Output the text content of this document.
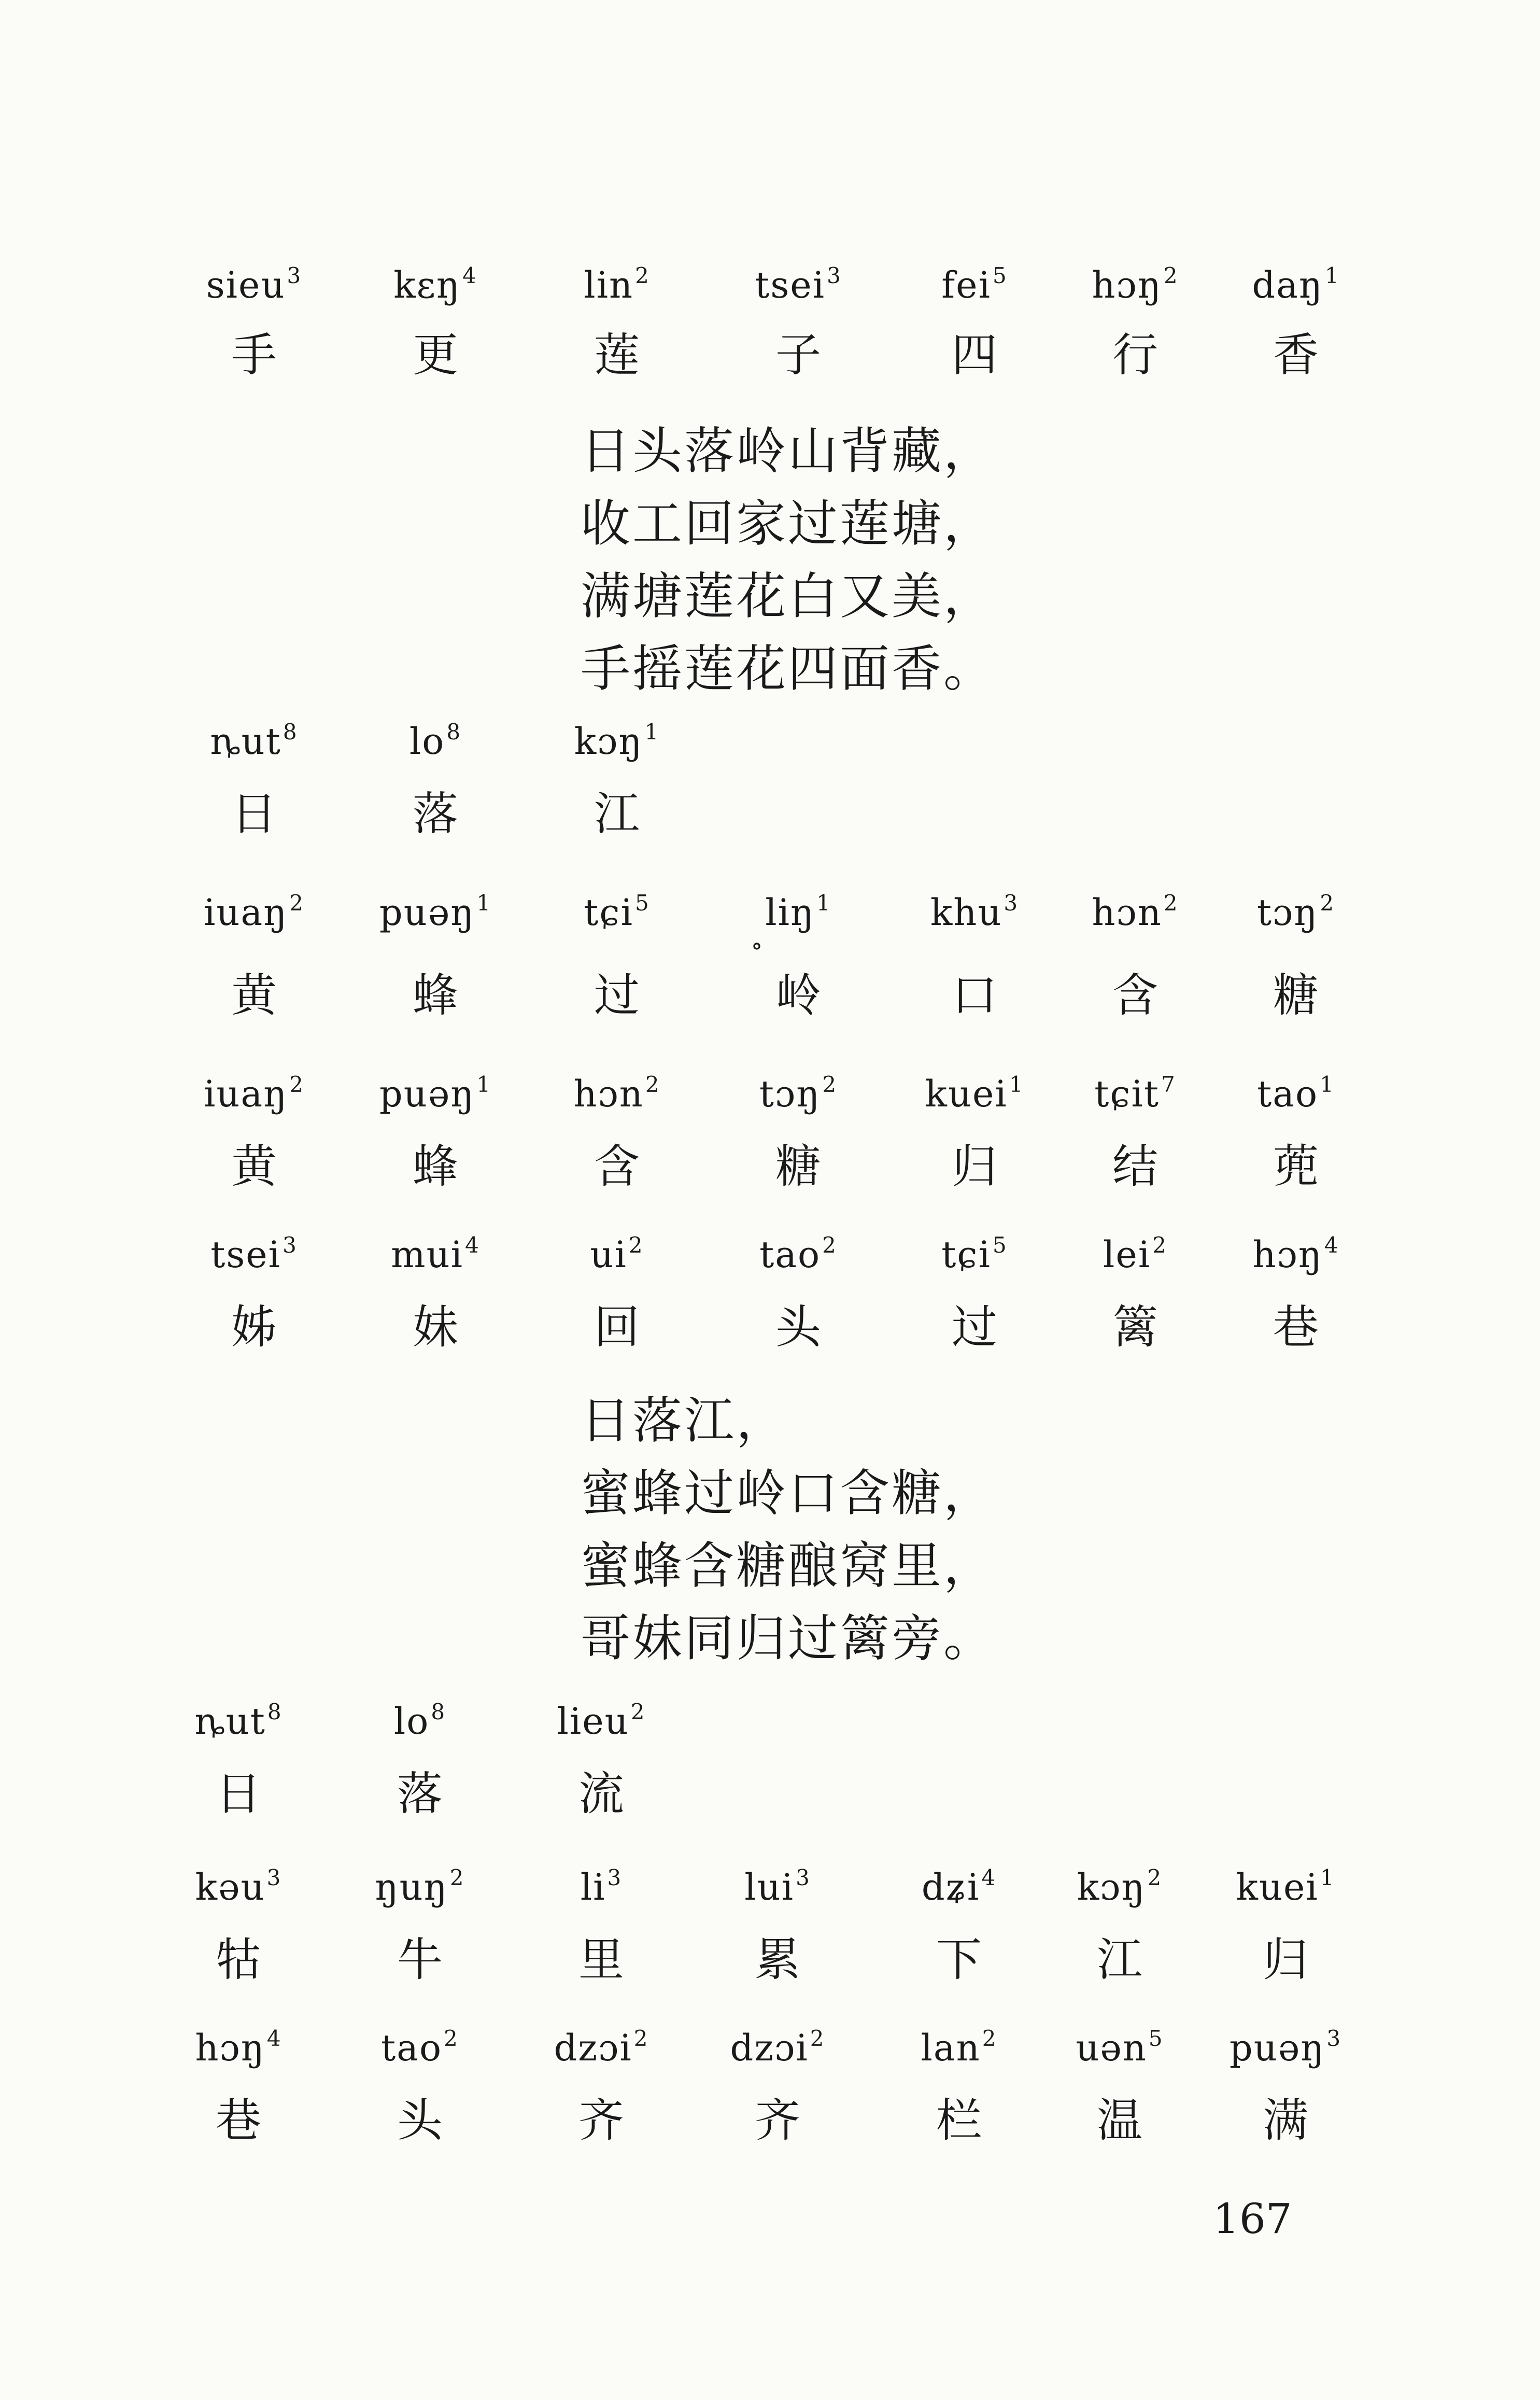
sieu$^3$	kɛŋ$^4$	lin$^2$	tsei$^3$	fei$^5$	hɔŋ$^2$	daŋ$^1$
手	更	莲	子	四	行	香
日头落岭山背藏，
收工回家过莲塘，
满塘莲花白又美，
手摇莲花四面香。
ȵut$^8$	$lo^8$	kɔŋ$^1$
日	落	江
iuaŋ$^2$	puəŋ$^1$	tɕi$^5$	liŋ$^1$	khu$^3$	hɔn$^2$	tɔŋ$^2$
∘
黄	蜂	过	岭	口	含	糖
iuaŋ$^2$	puəŋ$^1$	hɔn$^2$	tɔŋ$^2$	kuei$^1$	tɕit$^7$	tao$^1$
黄	蜂	含	糖	归	结	蔸
tsei$^3$	mui$^4$	$ui^2$	tao$^2$	tɕi$^5$	lei$^2$	hɔŋ$^4$
姊	妹	回	头	过	篱	巷
日落江，
蜜蜂过岭口含糖，
蜜蜂含糖酿窝里，
哥妹同归过篱旁。
ȵut$^8$	$lo^8$	lieu$^2$
日	落	流
kəu$^3$	ŋuŋ$^2$	$li^3$	lui$^3$	dʑi$^4$	kɔŋ$^2$	kuei$^1$
牯	牛	里	累	下	江	归
hɔŋ$^4$	tao$^2$	dzɔi$^2$	dzɔi$^2$	lan$^2$	uən$^5$	puəŋ$^3$
巷	头	齐	齐	栏	温	满
167
